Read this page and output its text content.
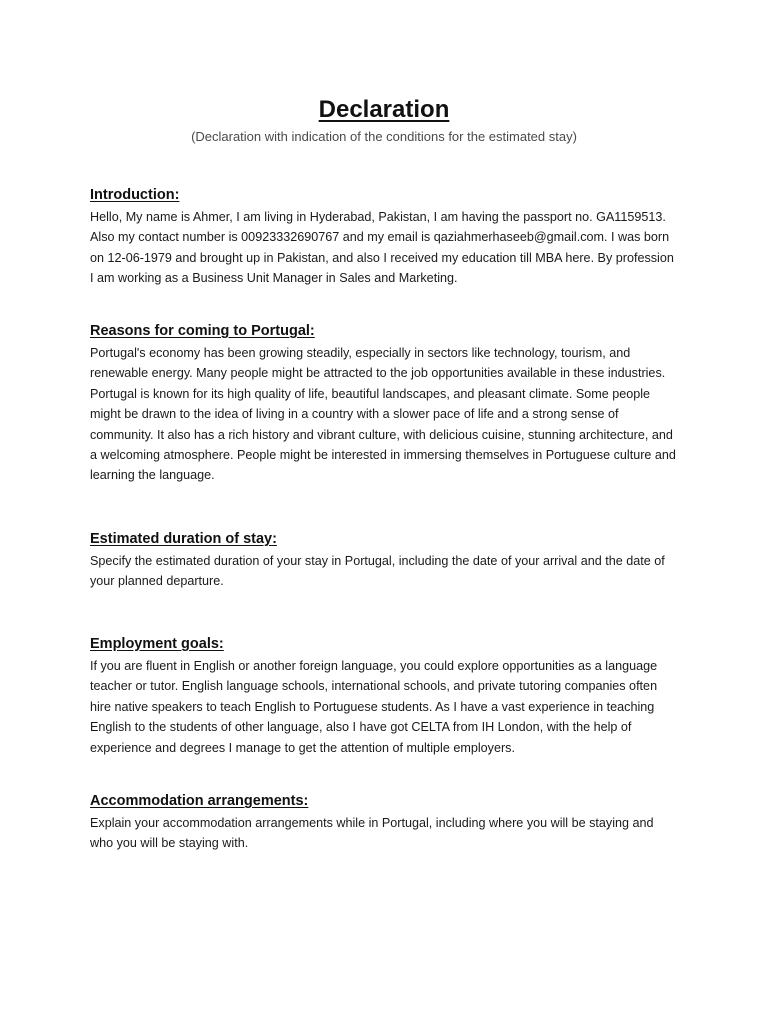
Declaration
(Declaration with indication of the conditions for the estimated stay)
Introduction:

Hello, My name is Ahmer, I am living in Hyderabad, Pakistan, I am having the passport no. GA1159513. Also my contact number is 00923332690767 and my email is qaziahmerhaseeb@gmail.com. I was born on 12-06-1979 and brought up in Pakistan, and also I received my education till MBA here. By profession I am working as a Business Unit Manager in Sales and Marketing.

Reasons for coming to Portugal:

Portugal's economy has been growing steadily, especially in sectors like technology, tourism, and renewable energy. Many people might be attracted to the job opportunities available in these industries. Portugal is known for its high quality of life, beautiful landscapes, and pleasant climate. Some people might be drawn to the idea of living in a country with a slower pace of life and a strong sense of community. It also has a rich history and vibrant culture, with delicious cuisine, stunning architecture, and a welcoming atmosphere. People might be interested in immersing themselves in Portuguese culture and learning the language.

Estimated duration of stay:

Specify the estimated duration of your stay in Portugal, including the date of your arrival and the date of your planned departure.

Employment goals:

If you are fluent in English or another foreign language, you could explore opportunities as a language teacher or tutor. English language schools, international schools, and private tutoring companies often hire native speakers to teach English to Portuguese students. As I have a vast experience in teaching English to the students of other language, also I have got CELTA from IH London, with the help of experience and degrees I manage to get the attention of multiple employers.

Accommodation arrangements:

Explain your accommodation arrangements while in Portugal, including where you will be staying and who you will be staying with.
